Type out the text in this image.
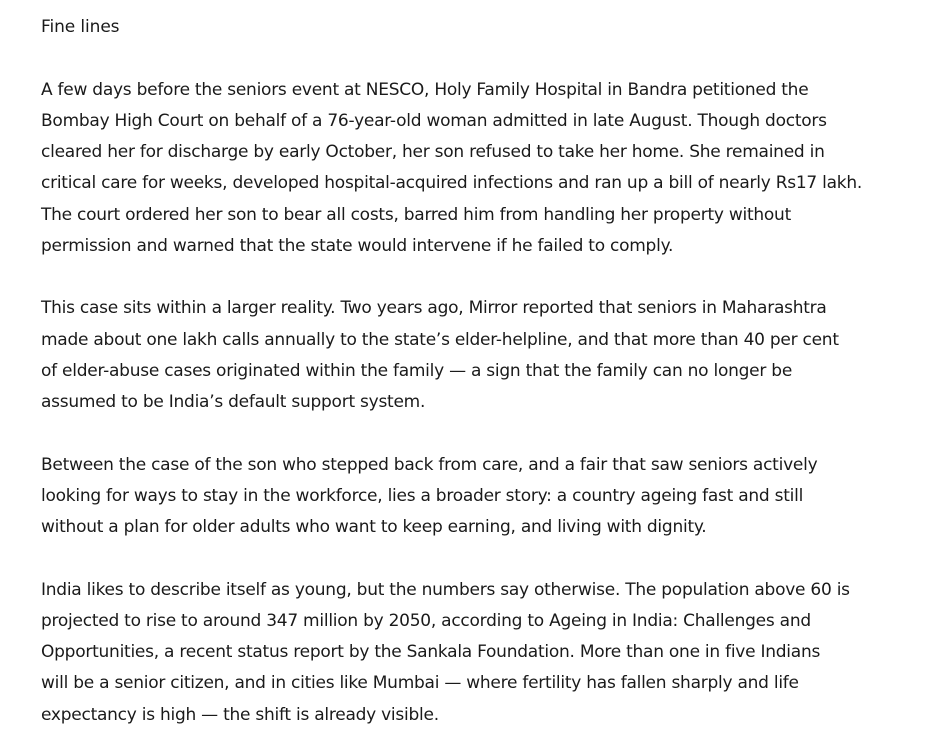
Fine lines

A few days before the seniors event at NESCO, Holy Family Hospital in Bandra petitioned the
Bombay High Court on behalf of a 76-year-old woman admitted in late August. Though doctors
cleared her for discharge by early October, her son refused to take her home. She remained in
critical care for weeks, developed hospital-acquired infections and ran up a bill of nearly Rs17 lakh.
The court ordered her son to bear all costs, barred him from handling her property without
permission and warned that the state would intervene if he failed to comply.

This case sits within a larger reality. Two years ago, Mirror reported that seniors in Maharashtra
made about one lakh calls annually to the state’s elder-helpline, and that more than 40 per cent
of elder-abuse cases originated within the family — a sign that the family can no longer be
assumed to be India’s default support system.

Between the case of the son who stepped back from care, and a fair that saw seniors actively
looking for ways to stay in the workforce, lies a broader story: a country ageing fast and still
without a plan for older adults who want to keep earning, and living with dignity.

India likes to describe itself as young, but the numbers say otherwise. The population above 60 is
projected to rise to around 347 million by 2050, according to Ageing in India: Challenges and
Opportunities, a recent status report by the Sankala Foundation. More than one in five Indians
will be a senior citizen, and in cities like Mumbai — where fertility has fallen sharply and life
expectancy is high — the shift is already visible.
